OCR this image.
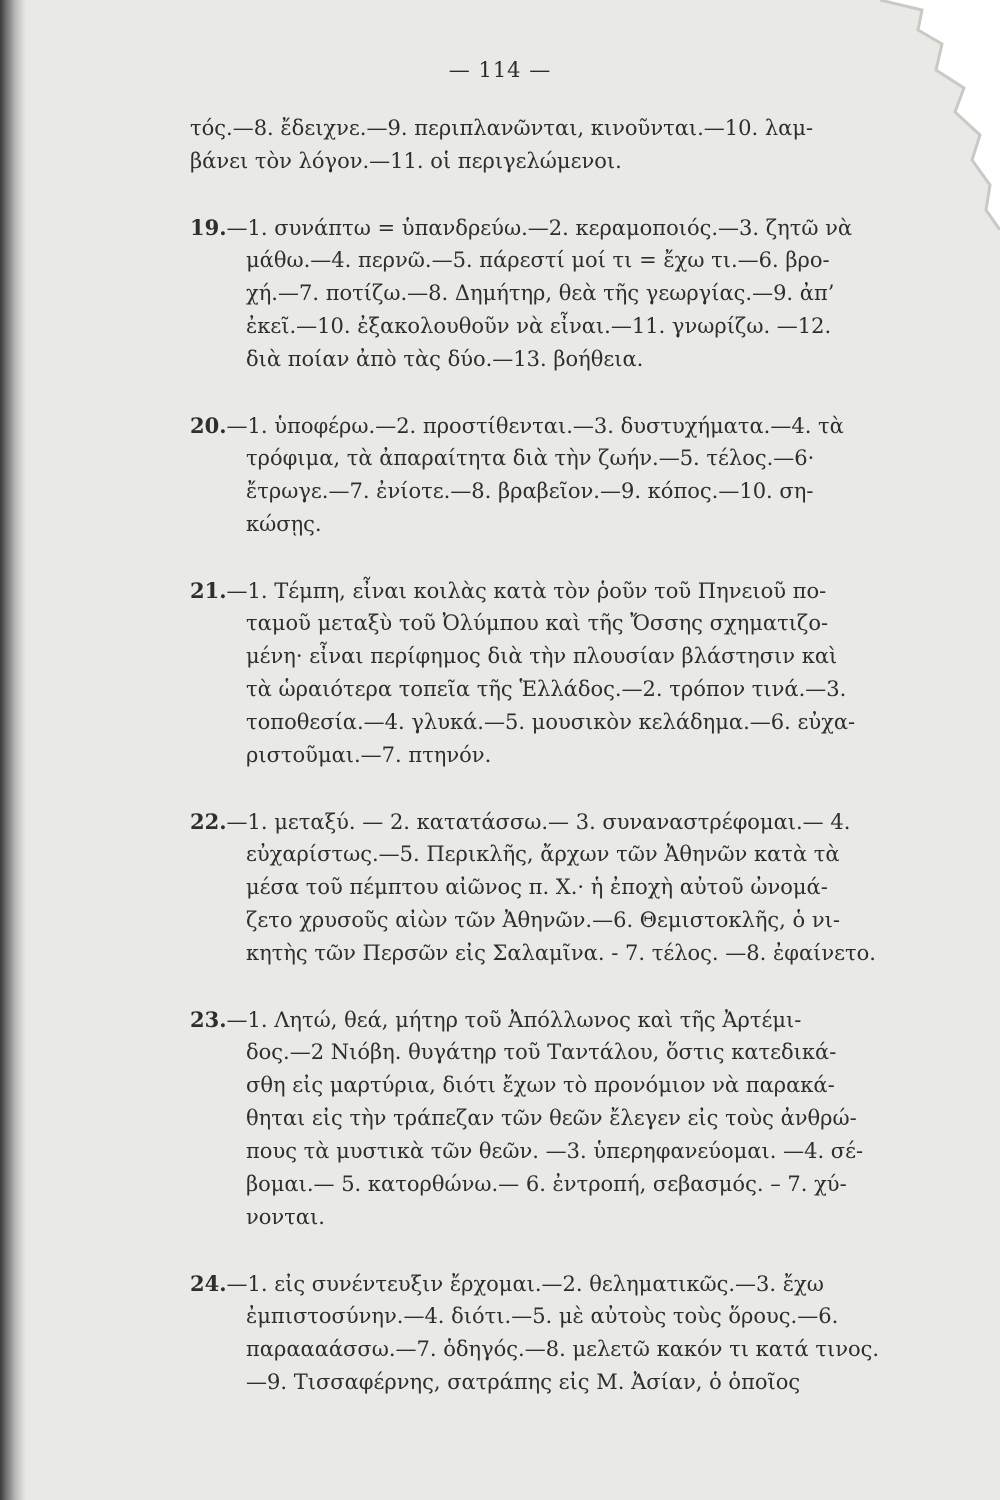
— 114 —
τός.—8. ἔδειχνε.—9. περιπλανῶνται, κινοῦνται.—10. λαμ-
βάνει τὸν λόγον.—11. οἱ περιγελώμενοι.
19.—1. συνάπτω = ὑπανδρεύω.—2. κεραμοποιός.—3. ζητῶ νὰ
μάθω.—4. περνῶ.—5. πάρεστί μοί τι = ἔχω τι.—6. βρο-
χή.—7. ποτίζω.—8. Δημήτηρ, θεὰ τῆς γεωργίας.—9. ἀπ’
ἐκεῖ.—10. ἐξακολουθοῦν νὰ εἶναι.—11. γνωρίζω. —12.
διὰ ποίαν ἀπὸ τὰς δύο.—13. βοήθεια.
20.—1. ὑποφέρω.—2. προστίθενται.—3. δυστυχήματα.—4. τὰ
τρόφιμα, τὰ ἀπαραίτητα διὰ τὴν ζωήν.—5. τέλος.—6·
ἔτρωγε.—7. ἐνίοτε.—8. βραβεῖον.—9. κόπος.—10. ση-
κώσῃς.
21.—1. Τέμπη, εἶναι κοιλὰς κατὰ τὸν ῥοῦν τοῦ Πηνειοῦ πο-
ταμοῦ μεταξὺ τοῦ Ὀλύμπου καὶ τῆς Ὄσσης σχηματιζο-
μένη· εἶναι περίφημος διὰ τὴν πλουσίαν βλάστησιν καὶ
τὰ ὡραιότερα τοπεῖα τῆς Ἑλλάδος.—2. τρόπον τινά.—3.
τοποθεσία.—4. γλυκά.—5. μουσικὸν κελάδημα.—6. εὐχα-
ριστοῦμαι.—7. πτηνόν.
22.—1. μεταξύ. — 2. κατατάσσω.— 3. συναναστρέφομαι.— 4.
εὐχαρίστως.—5. Περικλῆς, ἄρχων τῶν Ἀθηνῶν κατὰ τὰ
μέσα τοῦ πέμπτου αἰῶνος π. Χ.· ἡ ἐποχὴ αὐτοῦ ὠνομά-
ζετο χρυσοῦς αἰὼν τῶν Ἀθηνῶν.—6. Θεμιστοκλῆς, ὁ νι-
κητὴς τῶν Περσῶν εἰς Σαλαμῖνα. - 7. τέλος. —8. ἐφαίνετο.
23.—1. Λητώ, θεά, μήτηρ τοῦ Ἀπόλλωνος καὶ τῆς Ἀρτέμι-
δος.—2 Νιόβη. θυγάτηρ τοῦ Ταντάλου, ὅστις κατεδικά-
σθη εἰς μαρτύρια, διότι ἔχων τὸ προνόμιον νὰ παρακά-
θηται εἰς τὴν τράπεζαν τῶν θεῶν ἔλεγεν εἰς τοὺς ἀνθρώ-
πους τὰ μυστικὰ τῶν θεῶν. —3. ὑπερηφανεύομαι. —4. σέ-
βομαι.— 5. κατορθώνω.— 6. ἐντροπή, σεβασμός. – 7. χύ-
νονται.
24.—1. εἰς συνέντευξιν ἔρχομαι.—2. θεληματικῶς.—3. ἔχω
ἐμπιστοσύνην.—4. διότι.—5. μὲ αὐτοὺς τοὺς ὅρους.—6.
παραααάσσω.—7. ὁδηγός.—8. μελετῶ κακόν τι κατά τινος.
—9. Τισσαφέρνης, σατράπης εἰς Μ. Ἀσίαν, ὁ ὁποῖος
